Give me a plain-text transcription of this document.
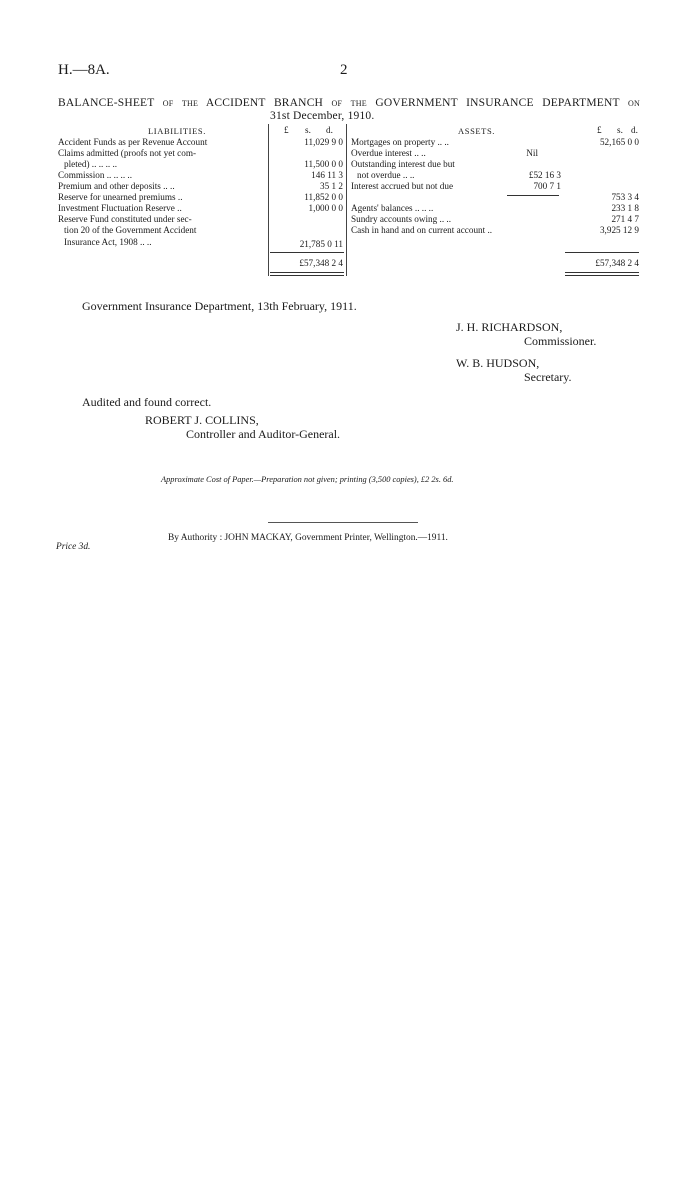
H.—8A.	2
BALANCE-SHEET of the ACCIDENT BRANCH of the GOVERNMENT INSURANCE DEPARTMENT on
31st December, 1910.
LIABILITIES.	£ s. d.
Accident Funds as per Revenue Account	11,029 9 0
Claims admitted (proofs not yet com-
pleted) .. .. .. ..	11,500 0 0
Commission .. .. .. ..	146 11 3
Premium and other deposits .. ..	35 1 2
Reserve for unearned premiums ..	11,852 0 0
Investment Fluctuation Reserve ..	1,000 0 0
Reserve Fund constituted under sec-
tion 20 of the Government Accident
Insurance Act, 1908 .. ..	21,785 0 11
£57,348 2 4
ASSETS.	£ s. d.
Mortgages on property .. ..	52,165 0 0
Overdue interest .. ..	Nil
Outstanding interest due but
not overdue .. ..	£52 16 3
Interest accrued but not due	700 7 1
753 3 4
Agents' balances .. .. ..	233 1 8
Sundry accounts owing .. ..	271 4 7
Cash in hand and on current account ..	3,925 12 9
£57,348 2 4
Government Insurance Department, 13th February, 1911.
J. H. RICHARDSON,
Commissioner.
W. B. HUDSON,
Secretary.
Audited and found correct.
ROBERT J. COLLINS,
Controller and Auditor-General.
Approximate Cost of Paper.—Preparation not given; printing (3,500 copies), £2 2s. 6d.
By Authority : JOHN MACKAY, Government Printer, Wellington.—1911.
Price 3d.
